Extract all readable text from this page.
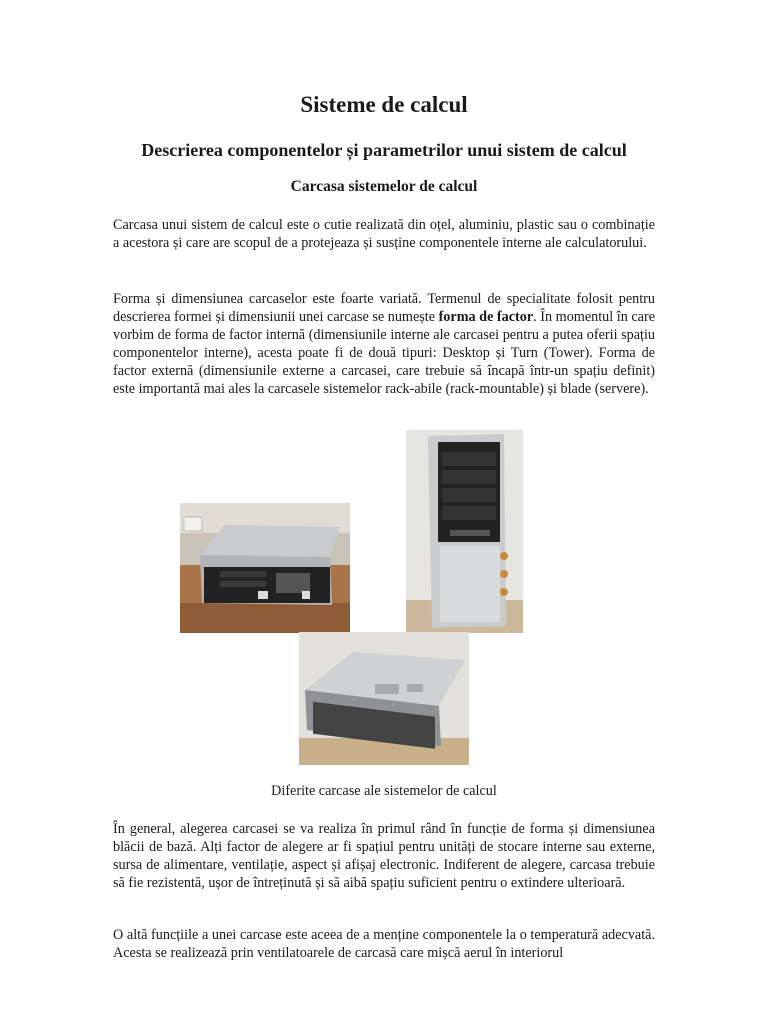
Sisteme de calcul
Descrierea componentelor și parametrilor unui sistem de calcul
Carcasa sistemelor de calcul

Carcasa unui sistem de calcul este o cutie realizată din oțel, aluminiu, plastic sau o combinație a acestora și care are scopul de a protejeaza și susține componentele interne ale calculatorului.

Forma și dimensiunea carcaselor este foarte variată. Termenul de specialitate folosit pentru descrierea formei și dimensiunii unei carcase se numește forma de factor. În momentul în care vorbim de forma de factor internă (dimensiunile interne ale carcasei pentru a putea oferii spațiu componentelor interne), acesta poate fi de două tipuri: Desktop și Turn (Tower). Forma de factor externă (dimensiunile externe a carcasei, care trebuie să încapă într-un spațiu definit) este importantă mai ales la carcasele sistemelor rack-abile (rack-mountable) și blade (servere).

Diferite carcase ale sistemelor de calcul

În general, alegerea carcasei se va realiza în primul rând în funcție de forma și dimensiunea blăcii de bază. Alți factor de alegere ar fi spațiul pentru unități de stocare interne sau externe, sursa de alimentare, ventilație, aspect și afișaj electronic. Indiferent de alegere, carcasa trebuie să fie rezistentă, ușor de întreținută și să aibă spațiu suficient pentru o extindere ulterioară.

O altă funcțiile a unei carcase este aceea de a menține componentele la o temperatură adecvată. Acesta se realizează prin ventilatoarele de carcasă care mișcă aerul în interiorul
